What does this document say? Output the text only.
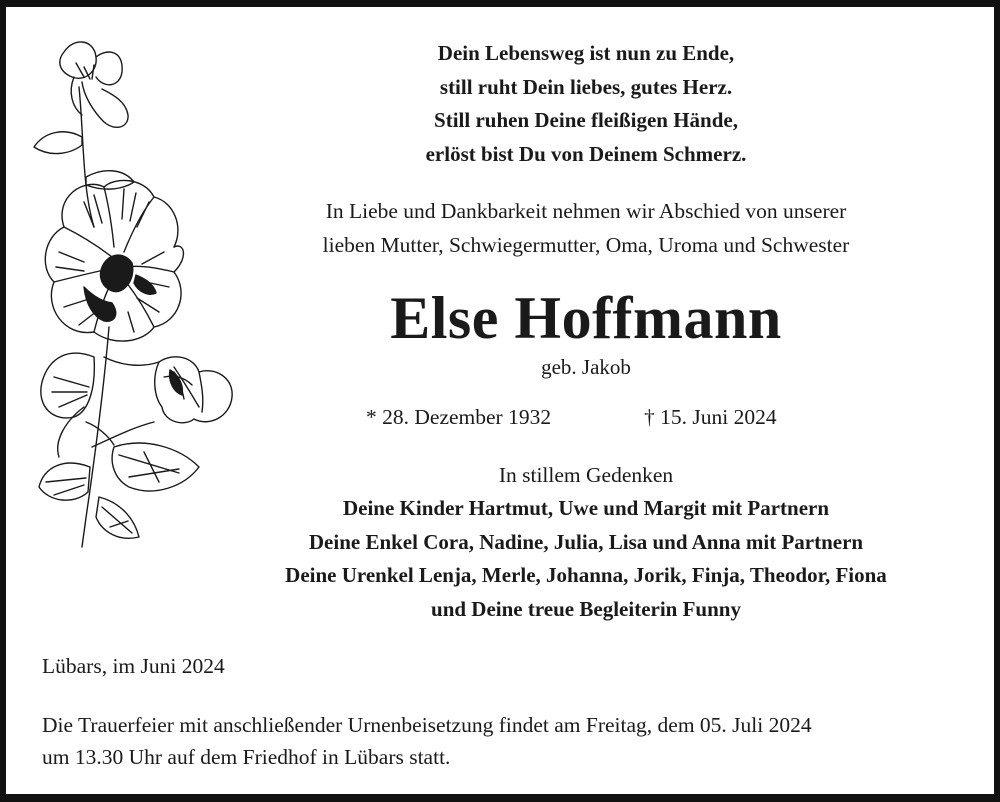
Dein Lebensweg ist nun zu Ende,
still ruht Dein liebes, gutes Herz.
Still ruhen Deine fleißigen Hände,
erlöst bist Du von Deinem Schmerz.
In Liebe und Dankbarkeit nehmen wir Abschied von unserer
lieben Mutter, Schwiegermutter, Oma, Uroma und Schwester
Else Hoffmann
geb. Jakob
* 28. Dezember 1932	† 15. Juni 2024
In stillem Gedenken
Deine Kinder Hartmut, Uwe und Margit mit Partnern
Deine Enkel Cora, Nadine, Julia, Lisa und Anna mit Partnern
Deine Urenkel Lenja, Merle, Johanna, Jorik, Finja, Theodor, Fiona
und Deine treue Begleiterin Funny
Lübars, im Juni 2024
Die Trauerfeier mit anschließender Urnenbeisetzung findet am Freitag, dem 05. Juli 2024
um 13.30 Uhr auf dem Friedhof in Lübars statt.
